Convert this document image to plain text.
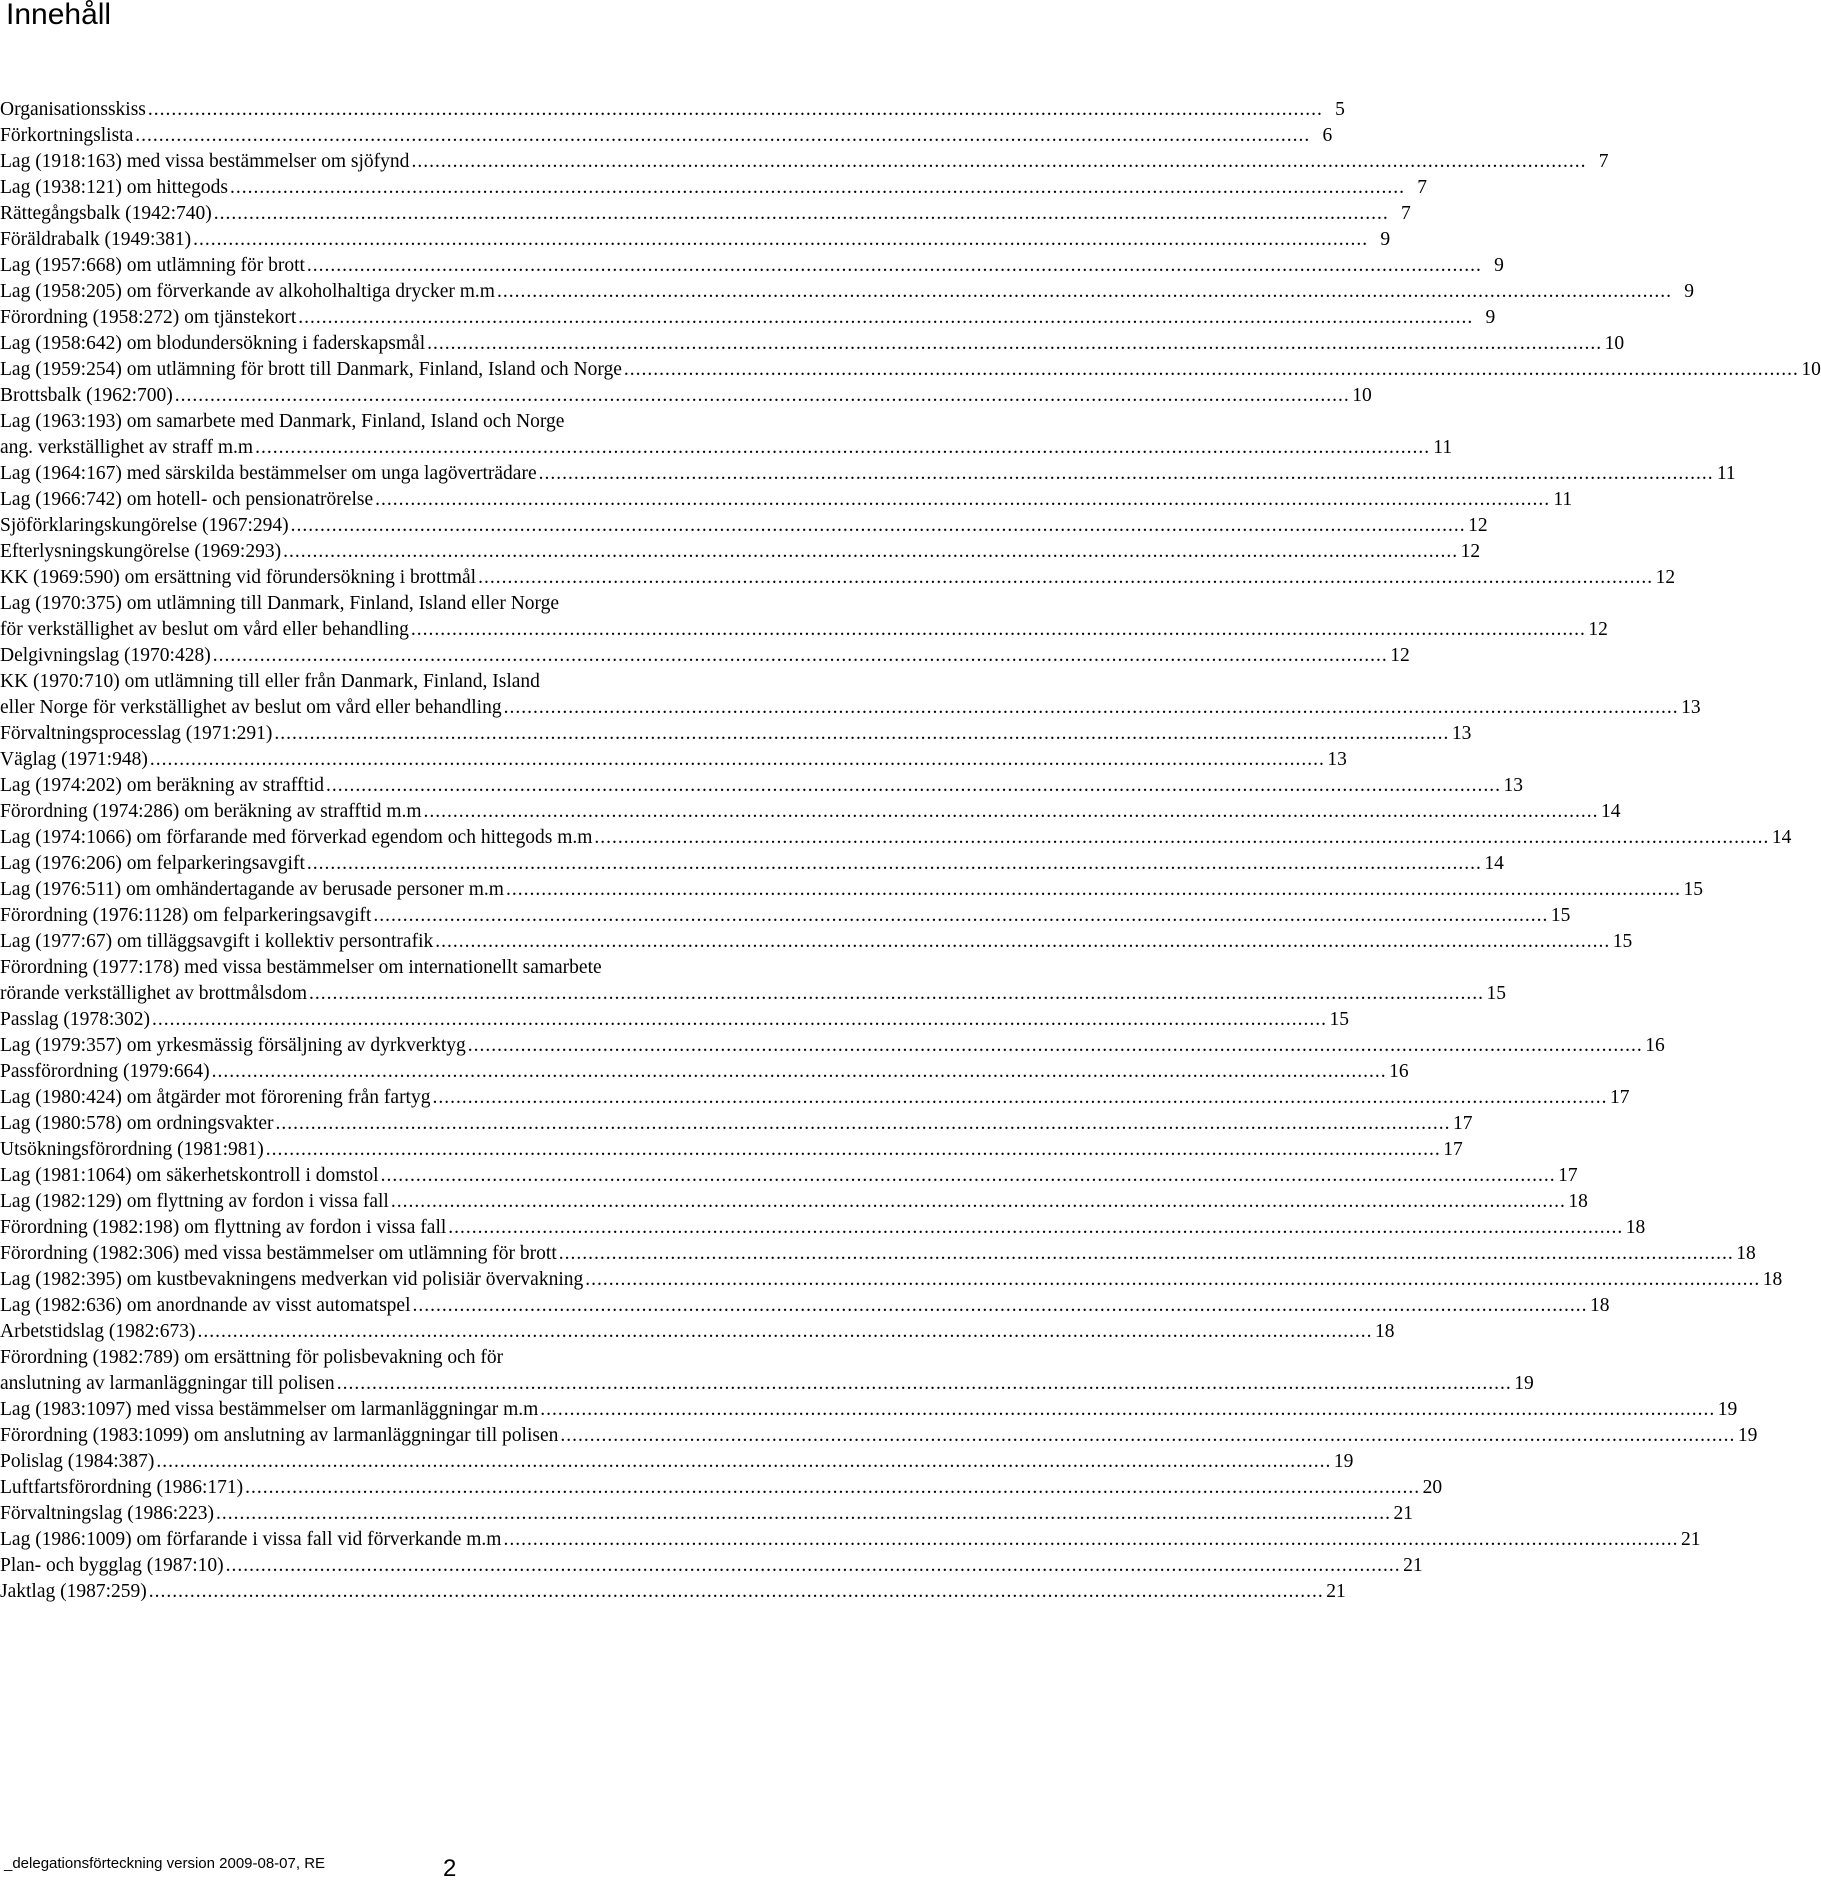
Innehåll
Organisationsskiss ........................................................................................................................................................................................................ 5
Förkortningslista ........................................................................................................................................................................................................ 6
Lag (1918:163) med vissa bestämmelser om sjöfynd ........................................................................................................................................................................................................ 7
Lag (1938:121) om hittegods ........................................................................................................................................................................................................ 7
Rättegångsbalk (1942:740) ........................................................................................................................................................................................................ 7
Föräldrabalk (1949:381) ........................................................................................................................................................................................................ 9
Lag (1957:668) om utlämning för brott ........................................................................................................................................................................................................ 9
Lag (1958:205) om förverkande av alkoholhaltiga drycker m.m ........................................................................................................................................................................................................ 9
Förordning (1958:272) om tjänstekort ........................................................................................................................................................................................................ 9
Lag (1958:642) om blodundersökning i faderskapsmål ........................................................................................................................................................................................................ 10
Lag (1959:254) om utlämning för brott till Danmark, Finland, Island och Norge ........................................................................................................................................................................................................ 10
Brottsbalk (1962:700) ........................................................................................................................................................................................................ 10
Lag (1963:193) om samarbete med Danmark, Finland, Island och Norge
ang. verkställighet av straff m.m ........................................................................................................................................................................................................ 11
Lag (1964:167) med särskilda bestämmelser om unga lagöverträdare ........................................................................................................................................................................................................ 11
Lag (1966:742) om hotell- och pensionatrörelse ........................................................................................................................................................................................................ 11
Sjöförklaringskungörelse (1967:294) ........................................................................................................................................................................................................ 12
Efterlysningskungörelse (1969:293) ........................................................................................................................................................................................................ 12
KK (1969:590) om ersättning vid förundersökning i brottmål ........................................................................................................................................................................................................ 12
Lag (1970:375) om utlämning till Danmark, Finland, Island eller Norge
för verkställighet av beslut om vård eller behandling ........................................................................................................................................................................................................ 12
Delgivningslag (1970:428) ........................................................................................................................................................................................................ 12
KK (1970:710) om utlämning till eller från Danmark, Finland, Island
eller Norge för verkställighet av beslut om vård eller behandling ........................................................................................................................................................................................................ 13
Förvaltningsprocesslag (1971:291) ........................................................................................................................................................................................................ 13
Väglag (1971:948) ........................................................................................................................................................................................................ 13
Lag (1974:202) om beräkning av strafftid ........................................................................................................................................................................................................ 13
Förordning (1974:286) om beräkning av strafftid m.m ........................................................................................................................................................................................................ 14
Lag (1974:1066) om förfarande med förverkad egendom och hittegods m.m ........................................................................................................................................................................................................ 14
Lag (1976:206) om felparkeringsavgift ........................................................................................................................................................................................................ 14
Lag (1976:511) om omhändertagande av berusade personer m.m ........................................................................................................................................................................................................ 15
Förordning (1976:1128) om felparkeringsavgift ........................................................................................................................................................................................................ 15
Lag (1977:67) om tilläggsavgift i kollektiv persontrafik ........................................................................................................................................................................................................ 15
Förordning (1977:178) med vissa bestämmelser om internationellt samarbete
rörande verkställighet av brottmålsdom ........................................................................................................................................................................................................ 15
Passlag (1978:302) ........................................................................................................................................................................................................ 15
Lag (1979:357) om yrkesmässig försäljning av dyrkverktyg ........................................................................................................................................................................................................ 16
Passförordning (1979:664) ........................................................................................................................................................................................................ 16
Lag (1980:424) om åtgärder mot förorening från fartyg ........................................................................................................................................................................................................ 17
Lag (1980:578) om ordningsvakter ........................................................................................................................................................................................................ 17
Utsökningsförordning (1981:981) ........................................................................................................................................................................................................ 17
Lag (1981:1064) om säkerhetskontroll i domstol ........................................................................................................................................................................................................ 17
Lag (1982:129) om flyttning av fordon i vissa fall ........................................................................................................................................................................................................ 18
Förordning (1982:198) om flyttning av fordon i vissa fall ........................................................................................................................................................................................................ 18
Förordning (1982:306) med vissa bestämmelser om utlämning för brott ........................................................................................................................................................................................................ 18
Lag (1982:395) om kustbevakningens medverkan vid polisiär övervakning ........................................................................................................................................................................................................ 18
Lag (1982:636) om anordnande av visst automatspel ........................................................................................................................................................................................................ 18
Arbetstidslag (1982:673) ........................................................................................................................................................................................................ 18
Förordning (1982:789) om ersättning för polisbevakning och för
anslutning av larmanläggningar till polisen ........................................................................................................................................................................................................ 19
Lag (1983:1097) med vissa bestämmelser om larmanläggningar m.m ........................................................................................................................................................................................................ 19
Förordning (1983:1099) om anslutning av larmanläggningar till polisen ........................................................................................................................................................................................................ 19
Polislag (1984:387) ........................................................................................................................................................................................................ 19
Luftfartsförordning (1986:171) ........................................................................................................................................................................................................ 20
Förvaltningslag (1986:223) ........................................................................................................................................................................................................ 21
Lag (1986:1009) om förfarande i vissa fall vid förverkande m.m ........................................................................................................................................................................................................ 21
Plan- och bygglag (1987:10) ........................................................................................................................................................................................................ 21
Jaktlag (1987:259) ........................................................................................................................................................................................................ 21
_delegationsförteckning version 2009-08-07, RE	2
